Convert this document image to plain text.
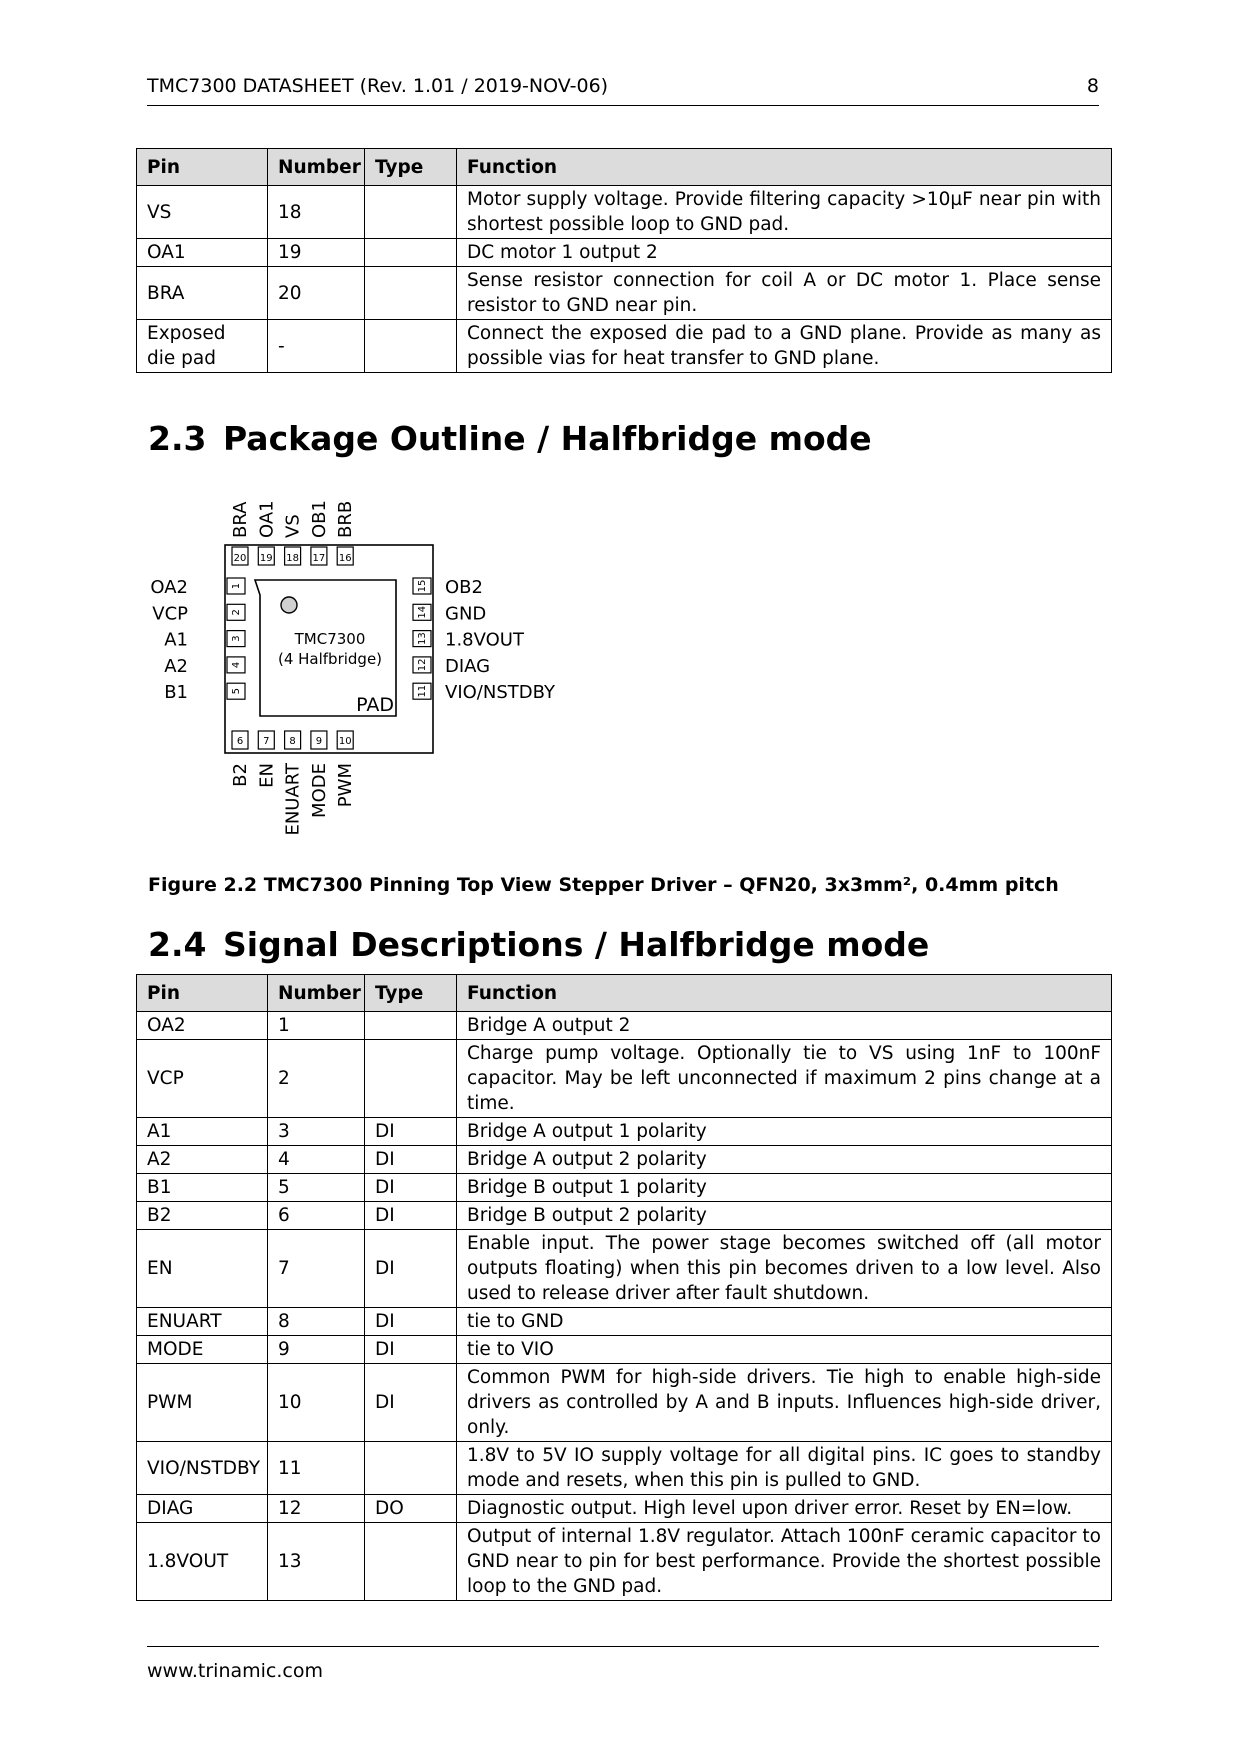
TMC7300 DATASHEET (Rev. 1.01 / 2019-NOV-06)	8
Pin	Number	Type	Function
VS	18		Motor supply voltage. Provide filtering capacity >10µF near pin with shortest possible loop to GND pad.
OA1	19		DC motor 1 output 2
BRA	20		Sense resistor connection for coil A or DC motor 1. Place sense resistor to GND near pin.
Exposed die pad	-		Connect the exposed die pad to a GND plane. Provide as many as possible vias for heat transfer to GND plane.
2.3 Package Outline / Halfbridge mode
TMC7300
(4 Halfbridge)
PAD
20
BRA
19
OA1
18
VS
17
OB1
16
BRB
1
OA2
2
VCP
3
A1
4
A2
5
B1
15 OB2
14 GND
13 1.8VOUT
12 DIAG
11 VIO/NSTDBY
6
B2
7
EN
8
ENUART
9
MODE
10
PWM
Figure 2.2 TMC7300 Pinning Top View Stepper Driver – QFN20, 3x3mm², 0.4mm pitch
2.4 Signal Descriptions / Halfbridge mode
Pin	Number	Type	Function
OA2	1		Bridge A output 2
VCP	2		Charge pump voltage. Optionally tie to VS using 1nF to 100nF capacitor. May be left unconnected if maximum 2 pins change at a time.
A1	3	DI	Bridge A output 1 polarity
A2	4	DI	Bridge A output 2 polarity
B1	5	DI	Bridge B output 1 polarity
B2	6	DI	Bridge B output 2 polarity
EN	7	DI	Enable input. The power stage becomes switched off (all motor outputs floating) when this pin becomes driven to a low level. Also used to release driver after fault shutdown.
ENUART	8	DI	tie to GND
MODE	9	DI	tie to VIO
PWM	10	DI	Common PWM for high-side drivers. Tie high to enable high-side drivers as controlled by A and B inputs. Influences high-side driver, only.
VIO/NSTDBY	11		1.8V to 5V IO supply voltage for all digital pins. IC goes to standby mode and resets, when this pin is pulled to GND.
DIAG	12	DO	Diagnostic output. High level upon driver error. Reset by EN=low.
1.8VOUT	13		Output of internal 1.8V regulator. Attach 100nF ceramic capacitor to GND near to pin for best performance. Provide the shortest possible loop to the GND pad.
www.trinamic.com
